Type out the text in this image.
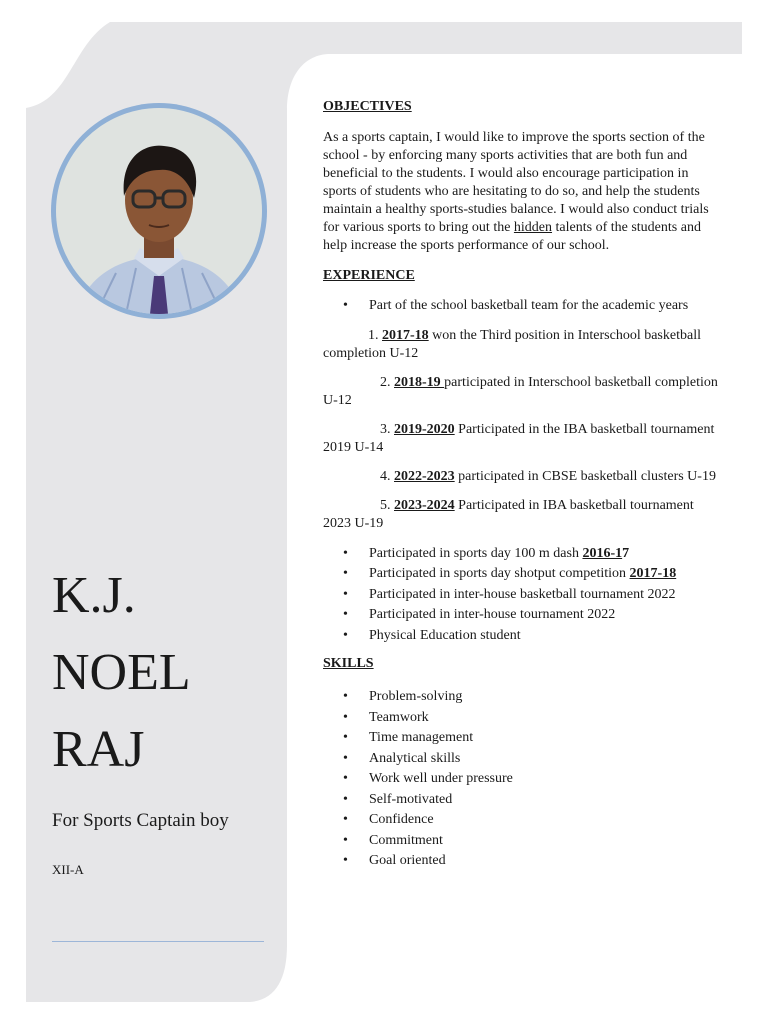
K.J.
NOEL
RAJ
For Sports Captain boy
XII-A
OBJECTIVES

As a sports captain, I would like to improve the sports section of the school - by enforcing many sports activities that are both fun and beneficial to the students. I would also encourage participation in sports of students who are hesitating to do so, and help the students maintain a healthy sports-studies balance. I would also conduct trials for various sports to bring out the hidden talents of the students and help increase the sports performance of our school.

EXPERIENCE
• Part of the school basketball team for the academic years

1. 2017-18 won the Third position in Interschool basketball completion U-12

2. 2018-19 participated in Interschool basketball completion U-12

3. 2019-2020 Participated in the IBA basketball tournament 2019 U-14

4. 2022-2023 participated in CBSE basketball clusters U-19

5. 2023-2024 Participated in IBA basketball tournament 2023 U-19

• Participated in sports day 100 m dash 2016-17
• Participated in sports day shotput competition 2017-18
• Participated in inter-house basketball tournament 2022
• Participated in inter-house tournament 2022
• Physical Education student
SKILLS
• Problem-solving
• Teamwork
• Time management
• Analytical skills
• Work well under pressure
• Self-motivated
• Confidence
• Commitment
• Goal oriented
